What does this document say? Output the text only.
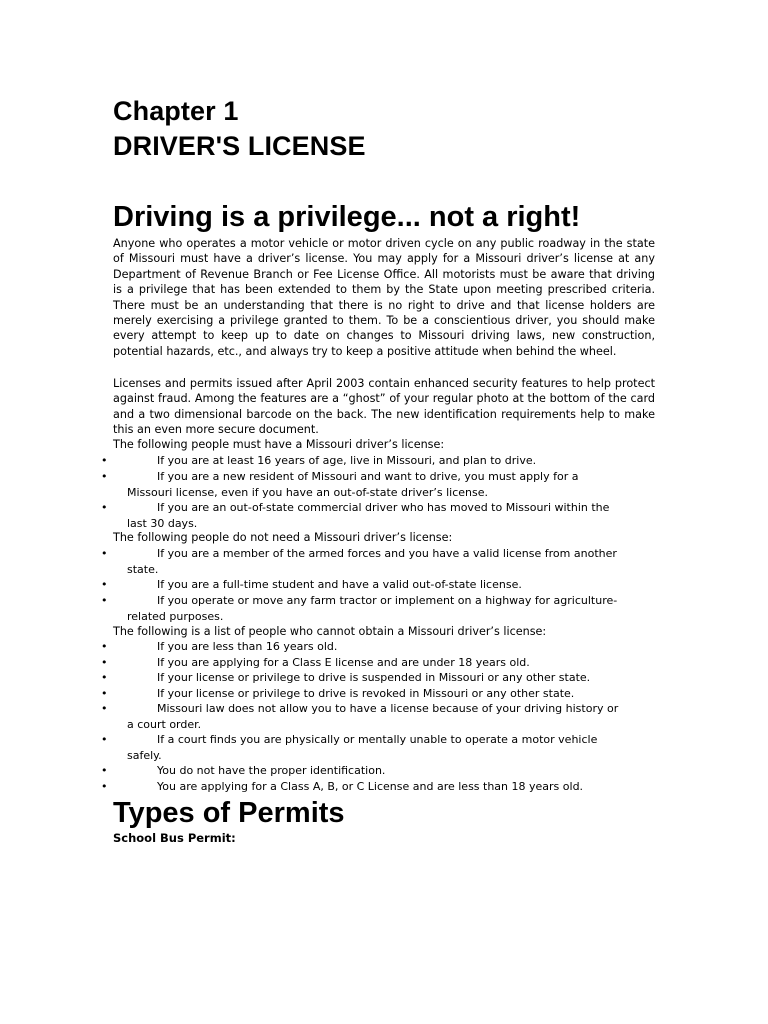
Chapter 1
DRIVER'S LICENSE
Driving is a privilege... not a right!
Anyone who operates a motor vehicle or motor driven cycle on any public roadway in the state of Missouri must have a driver’s license. You may apply for a Missouri driver’s license at any Department of Revenue Branch or Fee License Office. All motorists must be aware that driving is a privilege that has been extended to them by the State upon meeting prescribed criteria. There must be an understanding that there is no right to drive and that license holders are merely exercising a privilege granted to them. To be a conscientious driver, you should make every attempt to keep up to date on changes to Missouri driving laws, new construction, potential hazards, etc., and always try to keep a positive attitude when behind the wheel.
Licenses and permits issued after April 2003 contain enhanced security features to help protect against fraud. Among the features are a “ghost” of your regular photo at the bottom of the card and a two dimensional barcode on the back. The new identification requirements help to make this an even more secure document.
The following people must have a Missouri driver’s license:
•	If you are at least 16 years of age, live in Missouri, and plan to drive.
•	If you are a new resident of Missouri and want to drive, you must apply for a
Missouri license, even if you have an out-of-state driver’s license.
•	If you are an out-of-state commercial driver who has moved to Missouri within the
last 30 days.
The following people do not need a Missouri driver’s license:
•	If you are a member of the armed forces and you have a valid license from another
state.
•	If you are a full-time student and have a valid out-of-state license.
•	If you operate or move any farm tractor or implement on a highway for agriculture-
related purposes.
The following is a list of people who cannot obtain a Missouri driver’s license:
•	If you are less than 16 years old.
•	If you are applying for a Class E license and are under 18 years old.
•	If your license or privilege to drive is suspended in Missouri or any other state.
•	If your license or privilege to drive is revoked in Missouri or any other state.
•	Missouri law does not allow you to have a license because of your driving history or
a court order.
•	If a court finds you are physically or mentally unable to operate a motor vehicle
safely.
•	You do not have the proper identification.
•	You are applying for a Class A, B, or C License and are less than 18 years old.
Types of Permits
School Bus Permit:
